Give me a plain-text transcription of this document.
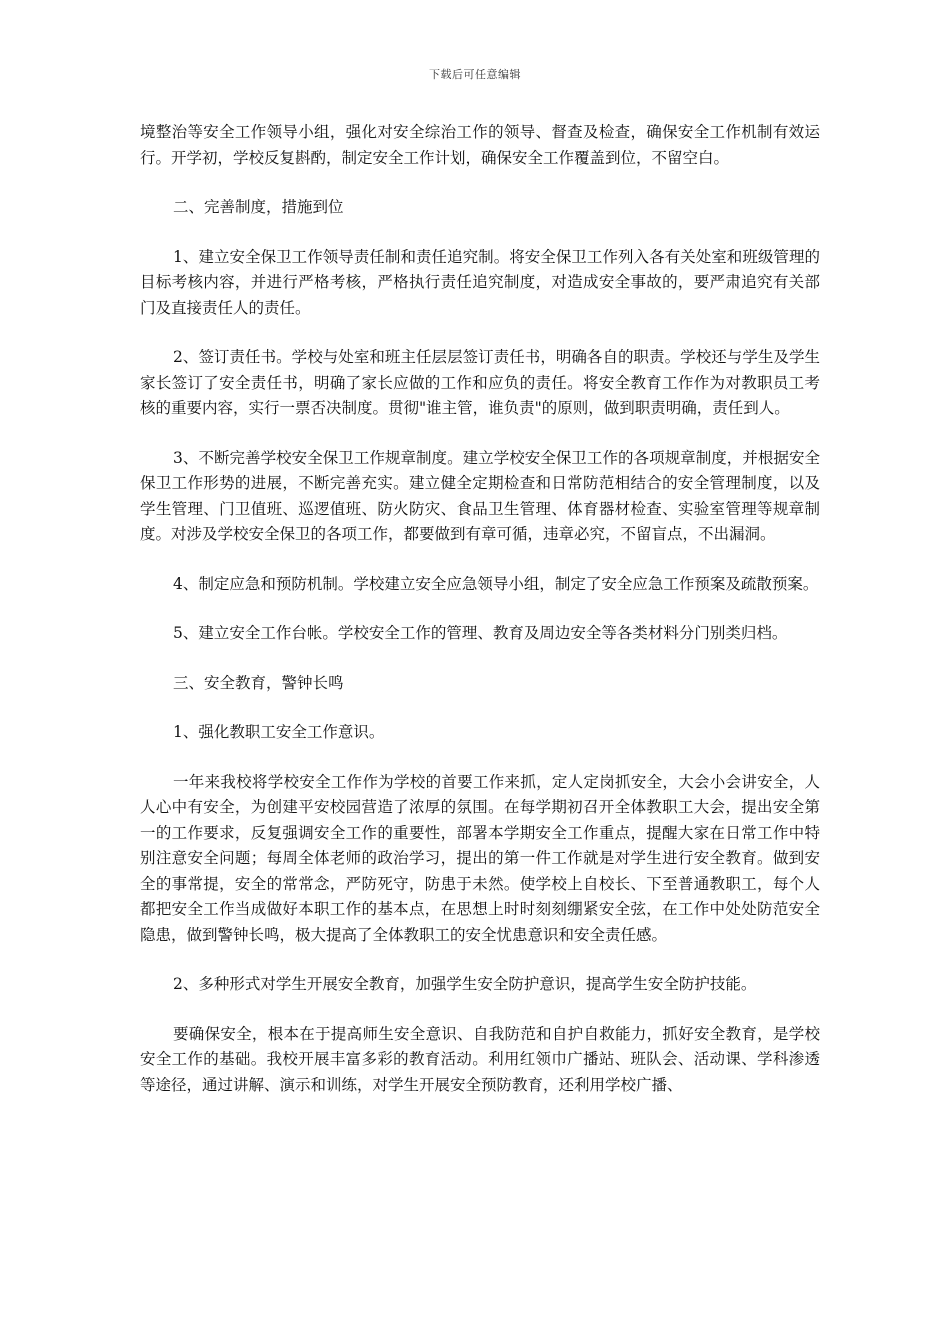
下载后可任意编辑

境整治等安全工作领导小组，强化对安全综治工作的领导、督查及检查，确保安全工作机制有效运行。开学初，学校反复斟酌，制定安全工作计划，确保安全工作覆盖到位，不留空白。

二、完善制度，措施到位

1、建立安全保卫工作领导责任制和责任追究制。将安全保卫工作列入各有关处室和班级管理的目标考核内容，并进行严格考核，严格执行责任追究制度，对造成安全事故的，要严肃追究有关部门及直接责任人的责任。

2、签订责任书。学校与处室和班主任层层签订责任书，明确各自的职责。学校还与学生及学生家长签订了安全责任书，明确了家长应做的工作和应负的责任。将安全教育工作作为对教职员工考核的重要内容，实行一票否决制度。贯彻"谁主管，谁负责"的原则，做到职责明确，责任到人。

3、不断完善学校安全保卫工作规章制度。建立学校安全保卫工作的各项规章制度，并根据安全保卫工作形势的进展，不断完善充实。建立健全定期检查和日常防范相结合的安全管理制度，以及学生管理、门卫值班、巡逻值班、防火防灾、食品卫生管理、体育器材检查、实验室管理等规章制度。对涉及学校安全保卫的各项工作，都要做到有章可循，违章必究，不留盲点，不出漏洞。

4、制定应急和预防机制。学校建立安全应急领导小组，制定了安全应急工作预案及疏散预案。

5、建立安全工作台帐。学校安全工作的管理、教育及周边安全等各类材料分门别类归档。

三、安全教育，警钟长鸣

1、强化教职工安全工作意识。

一年来我校将学校安全工作作为学校的首要工作来抓，定人定岗抓安全，大会小会讲安全，人人心中有安全，为创建平安校园营造了浓厚的氛围。在每学期初召开全体教职工大会，提出安全第一的工作要求，反复强调安全工作的重要性，部署本学期安全工作重点，提醒大家在日常工作中特别注意安全问题；每周全体老师的政治学习，提出的第一件工作就是对学生进行安全教育。做到安全的事常提，安全的常常念，严防死守，防患于未然。使学校上自校长、下至普通教职工，每个人都把安全工作当成做好本职工作的基本点，在思想上时时刻刻绷紧安全弦，在工作中处处防范安全隐患，做到警钟长鸣，极大提高了全体教职工的安全忧患意识和安全责任感。

2、多种形式对学生开展安全教育，加强学生安全防护意识，提高学生安全防护技能。

要确保安全，根本在于提高师生安全意识、自我防范和自护自救能力，抓好安全教育，是学校安全工作的基础。我校开展丰富多彩的教育活动。利用红领巾广播站、班队会、活动课、学科渗透等途径，通过讲解、演示和训练，对学生开展安全预防教育，还利用学校广播、
